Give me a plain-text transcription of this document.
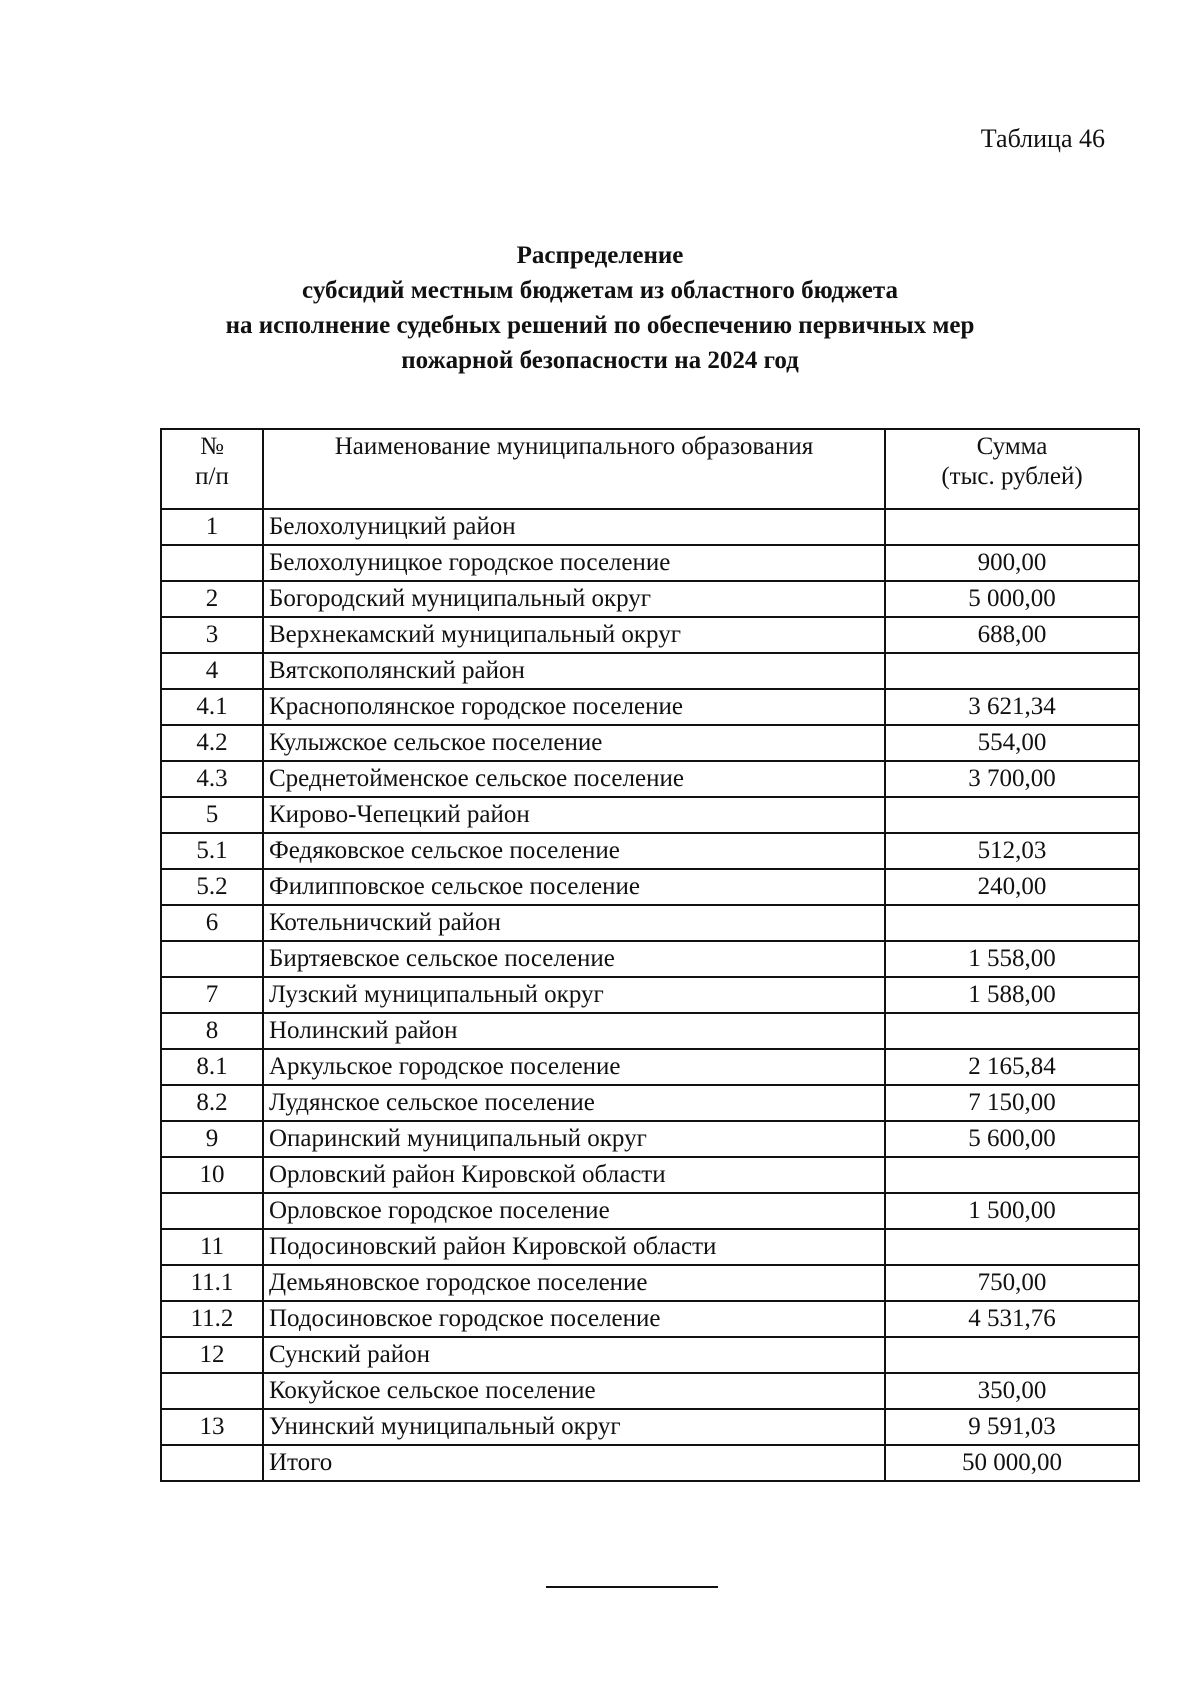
Таблица 46
Распределение
субсидий местным бюджетам из областного бюджета
на исполнение судебных решений по обеспечению первичных мер
пожарной безопасности на 2024 год
№
п/п	Наименование муниципального образования	Сумма
(тыс. рублей)

1	Белохолуницкий район	
	Белохолуницкое городское поселение	900,00
2	Богородский муниципальный округ	5 000,00
3	Верхнекамский муниципальный округ	688,00
4	Вятскополянский район	
4.1	Краснополянское городское поселение	3 621,34
4.2	Кулыжское сельское поселение	554,00
4.3	Среднетойменское сельское поселение	3 700,00
5	Кирово-Чепецкий район	
5.1	Федяковское сельское поселение	512,03
5.2	Филипповское сельское поселение	240,00
6	Котельничский район	
	Биртяевское сельское поселение	1 558,00
7	Лузский муниципальный округ	1 588,00
8	Нолинский район	
8.1	Аркульское городское поселение	2 165,84
8.2	Лудянское сельское поселение	7 150,00
9	Опаринский муниципальный округ	5 600,00
10	Орловский район Кировской области	
	Орловское городское поселение	1 500,00
11	Подосиновский район Кировской области	
11.1	Демьяновское городское поселение	750,00
11.2	Подосиновское городское поселение	4 531,76
12	Сунский район	
	Кокуйское сельское поселение	350,00
13	Унинский муниципальный округ	9 591,03
	Итого	50 000,00
